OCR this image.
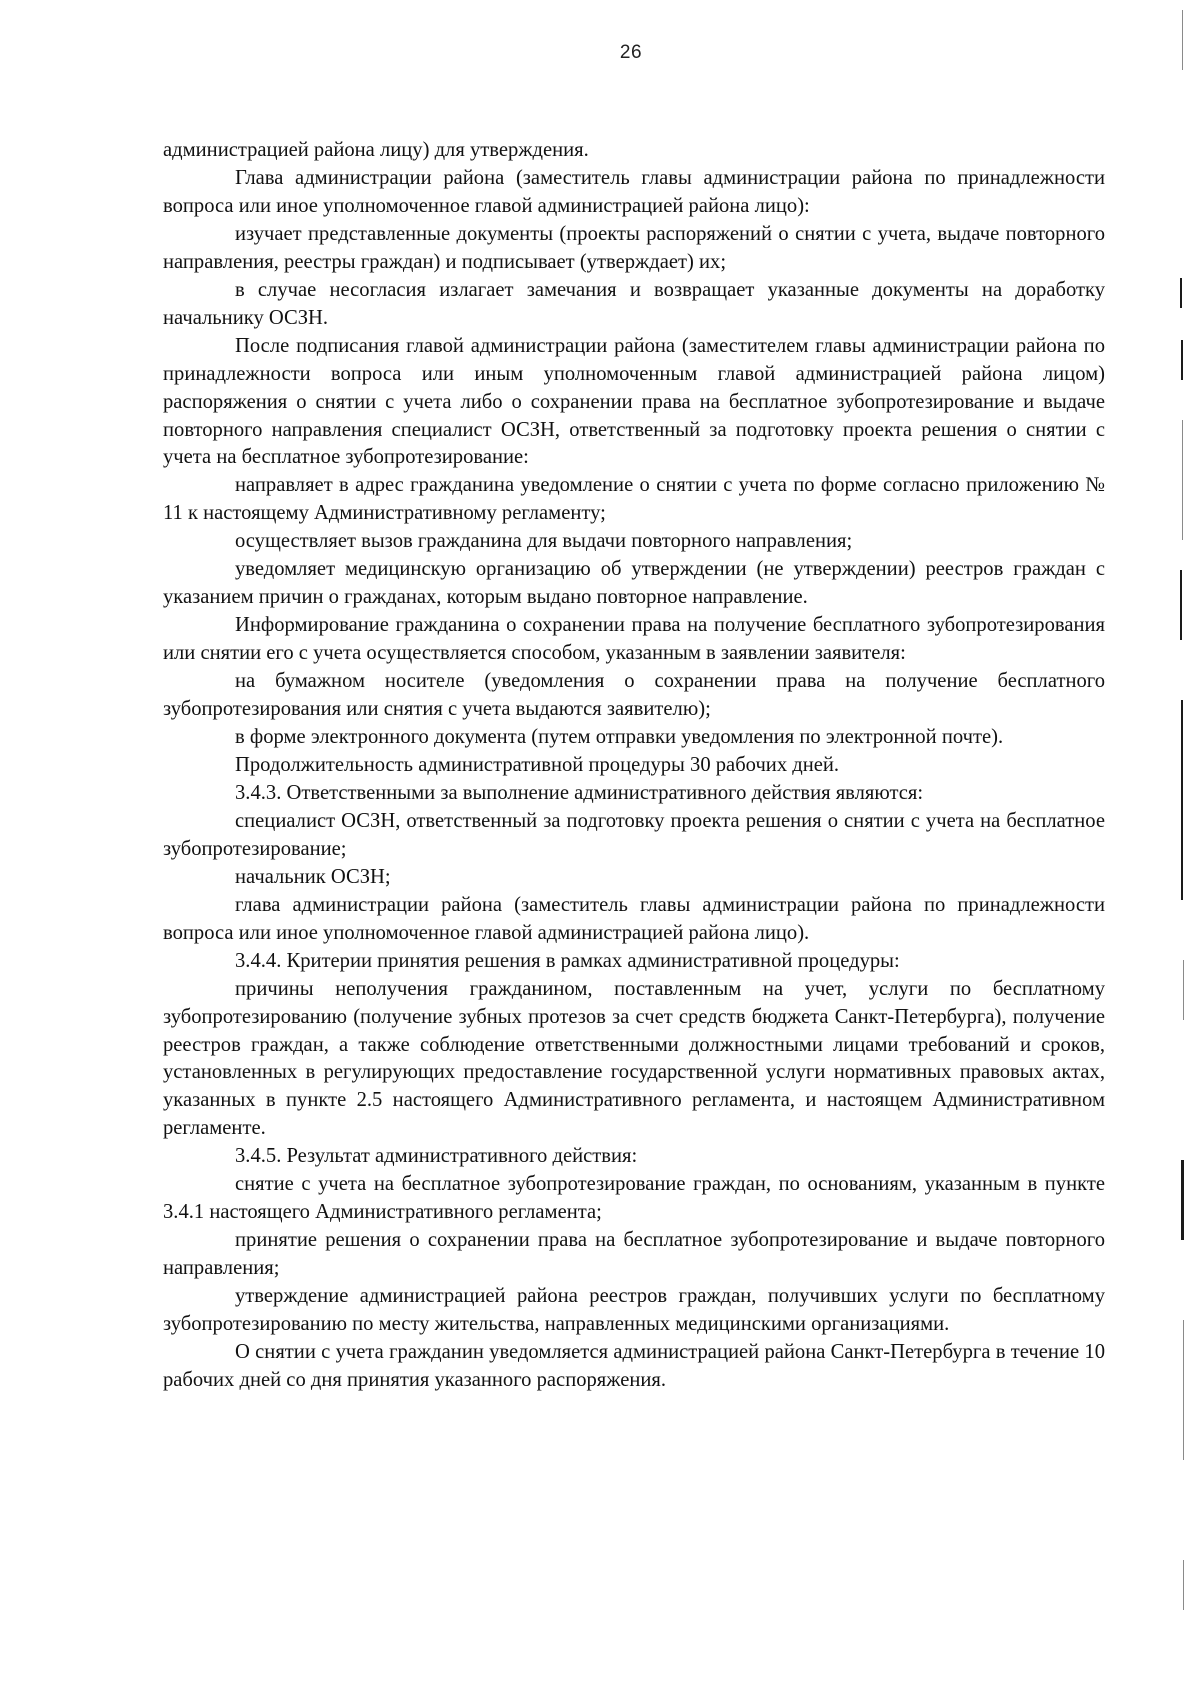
26

администрацией района лицу) для утверждения.

Глава администрации района (заместитель главы администрации района по принадлежности вопроса или иное уполномоченное главой администрацией района лицо):

изучает представленные документы (проекты распоряжений о снятии с учета, выдаче повторного направления, реестры граждан) и подписывает (утверждает) их;

в случае несогласия излагает замечания и возвращает указанные документы на доработку начальнику ОСЗН.

После подписания главой администрации района (заместителем главы администрации района по принадлежности вопроса или иным уполномоченным главой администрацией района лицом) распоряжения о снятии с учета либо о сохранении права на бесплатное зубопротезирование и выдаче повторного направления специалист ОСЗН, ответственный за подготовку проекта решения о снятии с учета на бесплатное зубопротезирование:

направляет в адрес гражданина уведомление о снятии с учета по форме согласно приложению № 11 к настоящему Административному регламенту;

осуществляет вызов гражданина для выдачи повторного направления;

уведомляет медицинскую организацию об утверждении (не утверждении) реестров граждан с указанием причин о гражданах, которым выдано повторное направление.

Информирование гражданина о сохранении права на получение бесплатного зубопротезирования или снятии его с учета осуществляется способом, указанным в заявлении заявителя:

на бумажном носителе (уведомления о сохранении права на получение бесплатного зубопротезирования или снятия с учета выдаются заявителю);

в форме электронного документа (путем отправки уведомления по электронной почте).

Продолжительность административной процедуры 30 рабочих дней.

3.4.3. Ответственными за выполнение административного действия являются:

специалист ОСЗН, ответственный за подготовку проекта решения о снятии с учета на бесплатное зубопротезирование;

начальник ОСЗН;

глава администрации района (заместитель главы администрации района по принадлежности вопроса или иное уполномоченное главой администрацией района лицо).

3.4.4. Критерии принятия решения в рамках административной процедуры:

причины неполучения гражданином, поставленным на учет, услуги по бесплатному зубопротезированию (получение зубных протезов за счет средств бюджета Санкт-Петербурга), получение реестров граждан, а также соблюдение ответственными должностными лицами требований и сроков, установленных в регулирующих предоставление государственной услуги нормативных правовых актах, указанных в пункте 2.5 настоящего Административного регламента, и настоящем Административном регламенте.

3.4.5. Результат административного действия:

снятие с учета на бесплатное зубопротезирование граждан, по основаниям, указанным в пункте 3.4.1 настоящего Административного регламента;

принятие решения о сохранении права на бесплатное зубопротезирование и выдаче повторного направления;

утверждение администрацией района реестров граждан, получивших услуги по бесплатному зубопротезированию по месту жительства, направленных медицинскими организациями.

О снятии с учета гражданин уведомляется администрацией района Санкт-Петербурга в течение 10 рабочих дней со дня принятия указанного распоряжения.
